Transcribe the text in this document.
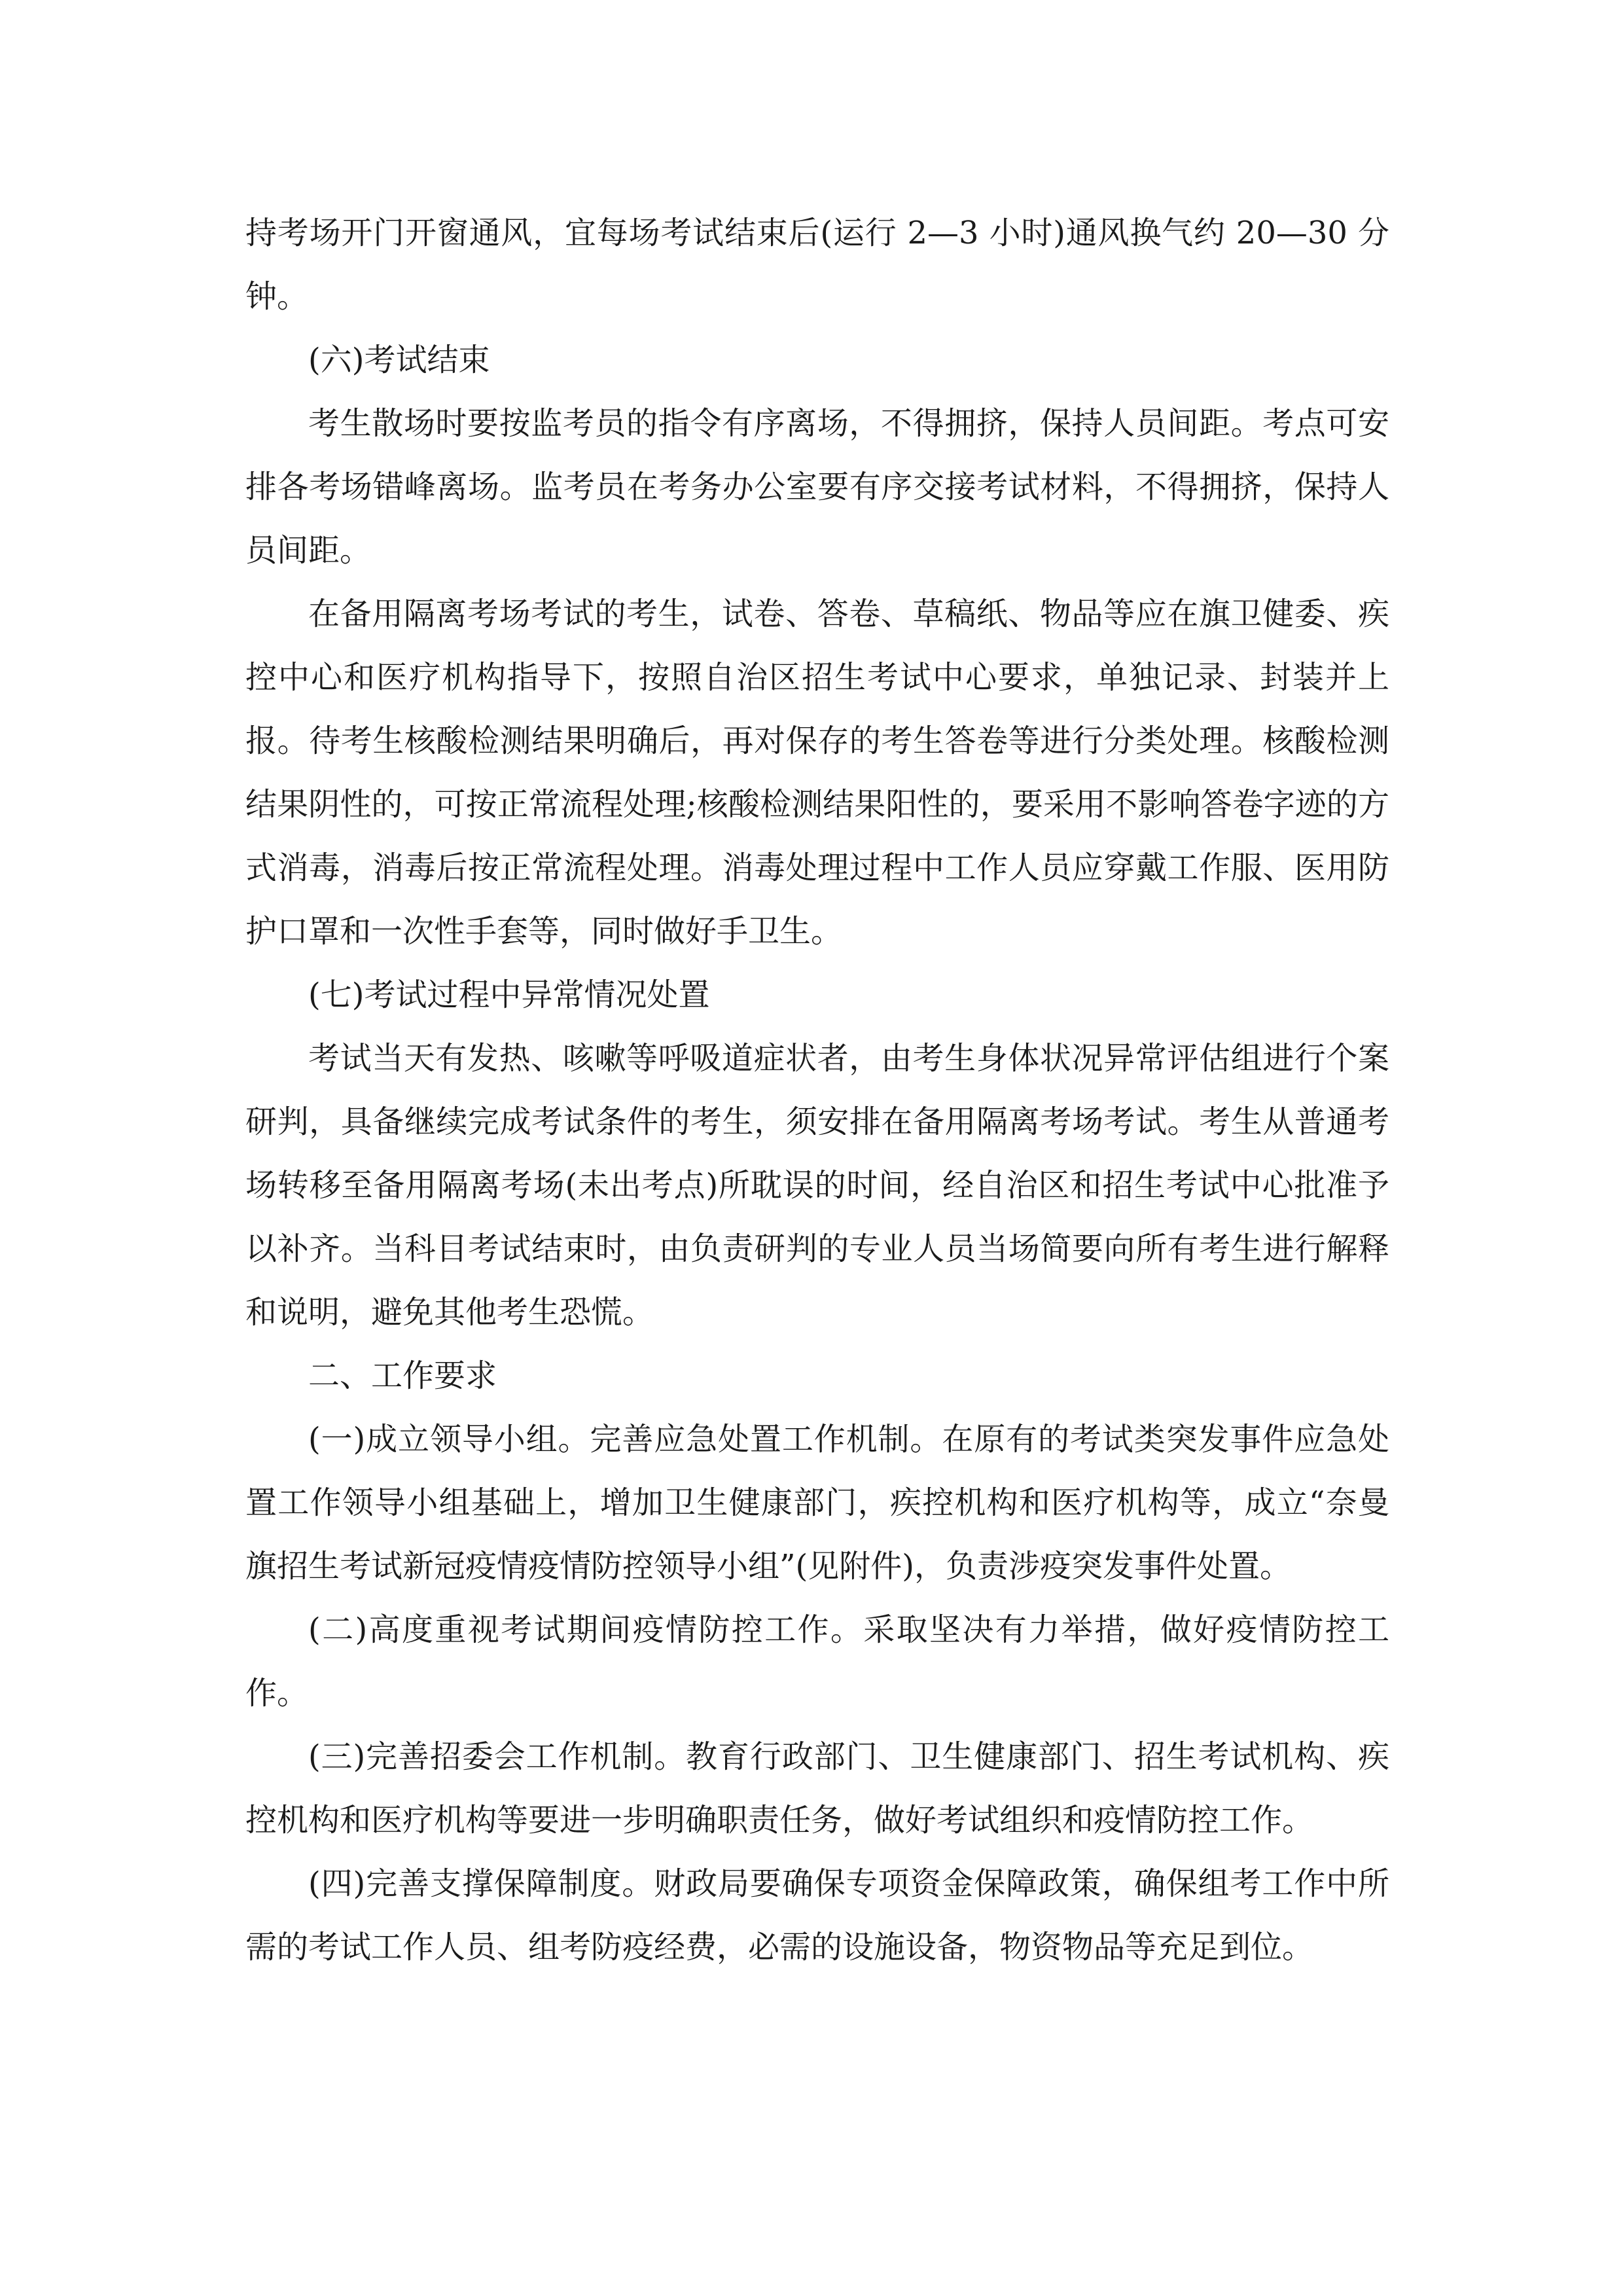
持考场开门开窗通风，宜每场考试结束后(运行 2—3 小时)通风换气约 20—30 分钟。

(六)考试结束

考生散场时要按监考员的指令有序离场，不得拥挤，保持人员间距。考点可安排各考场错峰离场。监考员在考务办公室要有序交接考试材料，不得拥挤，保持人员间距。

在备用隔离考场考试的考生，试卷、答卷、草稿纸、物品等应在旗卫健委、疾控中心和医疗机构指导下，按照自治区招生考试中心要求，单独记录、封装并上报。待考生核酸检测结果明确后，再对保存的考生答卷等进行分类处理。核酸检测结果阴性的，可按正常流程处理;核酸检测结果阳性的，要采用不影响答卷字迹的方式消毒，消毒后按正常流程处理。消毒处理过程中工作人员应穿戴工作服、医用防护口罩和一次性手套等，同时做好手卫生。

(七)考试过程中异常情况处置

考试当天有发热、咳嗽等呼吸道症状者，由考生身体状况异常评估组进行个案研判，具备继续完成考试条件的考生，须安排在备用隔离考场考试。考生从普通考场转移至备用隔离考场(未出考点)所耽误的时间，经自治区和招生考试中心批准予以补齐。当科目考试结束时，由负责研判的专业人员当场简要向所有考生进行解释和说明，避免其他考生恐慌。

二、工作要求

(一)成立领导小组。完善应急处置工作机制。在原有的考试类突发事件应急处置工作领导小组基础上，增加卫生健康部门，疾控机构和医疗机构等，成立“奈曼旗招生考试新冠疫情疫情防控领导小组”(见附件)，负责涉疫突发事件处置。

(二)高度重视考试期间疫情防控工作。采取坚决有力举措，做好疫情防控工作。

(三)完善招委会工作机制。教育行政部门、卫生健康部门、招生考试机构、疾控机构和医疗机构等要进一步明确职责任务，做好考试组织和疫情防控工作。

(四)完善支撑保障制度。财政局要确保专项资金保障政策，确保组考工作中所需的考试工作人员、组考防疫经费，必需的设施设备，物资物品等充足到位。
